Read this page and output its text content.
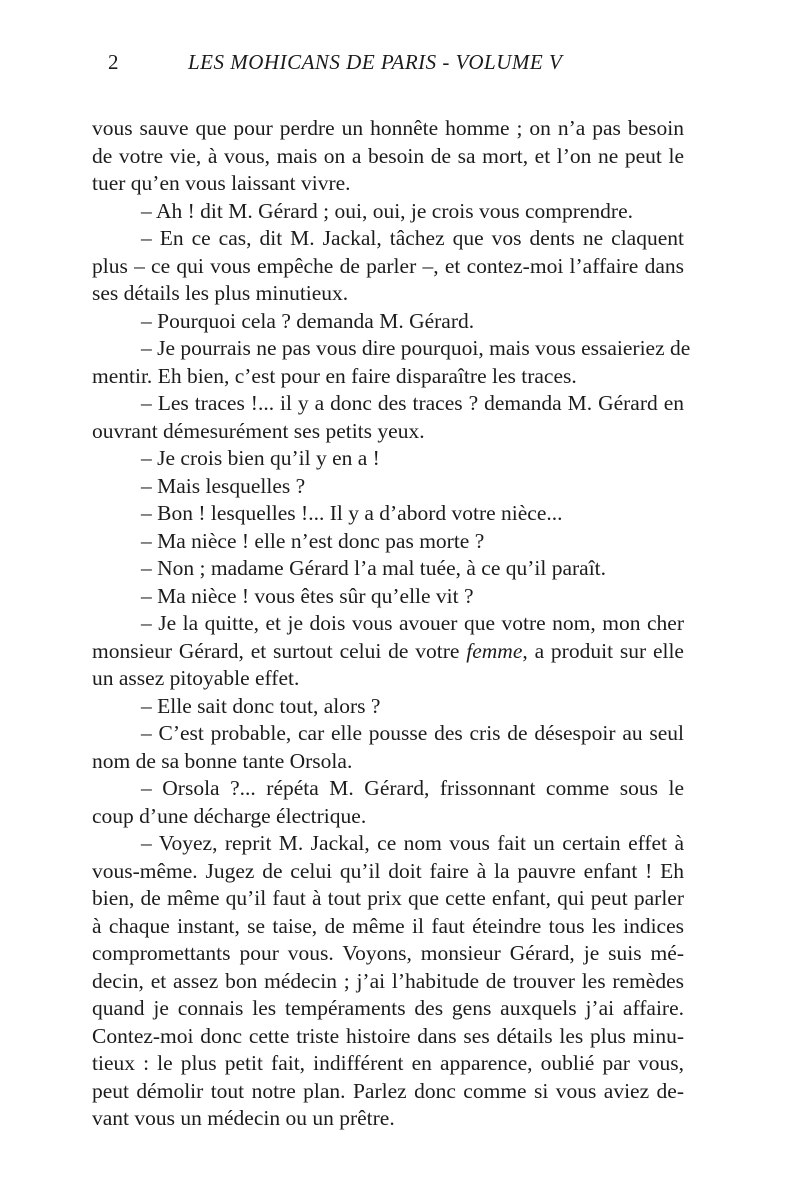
2	LES MOHICANS DE PARIS - VOLUME V
vous sauve que pour perdre un honnête homme ; on n’a pas besoin
de votre vie, à vous, mais on a besoin de sa mort, et l’on ne peut le
tuer qu’en vous laissant vivre.
– Ah ! dit M. Gérard ; oui, oui, je crois vous comprendre.
– En ce cas, dit M. Jackal, tâchez que vos dents ne claquent
plus – ce qui vous empêche de parler –, et contez-moi l’affaire dans
ses détails les plus minutieux.
– Pourquoi cela ? demanda M. Gérard.
– Je pourrais ne pas vous dire pourquoi, mais vous essaieriez de
mentir. Eh bien, c’est pour en faire disparaître les traces.
– Les traces !... il y a donc des traces ? demanda M. Gérard en
ouvrant démesurément ses petits yeux.
– Je crois bien qu’il y en a !
– Mais lesquelles ?
– Bon ! lesquelles !... Il y a d’abord votre nièce...
– Ma nièce ! elle n’est donc pas morte ?
– Non ; madame Gérard l’a mal tuée, à ce qu’il paraît.
– Ma nièce ! vous êtes sûr qu’elle vit ?
– Je la quitte, et je dois vous avouer que votre nom, mon cher
monsieur Gérard, et surtout celui de votre femme, a produit sur elle
un assez pitoyable effet.
– Elle sait donc tout, alors ?
– C’est probable, car elle pousse des cris de désespoir au seul
nom de sa bonne tante Orsola.
– Orsola ?... répéta M. Gérard, frissonnant comme sous le
coup d’une décharge électrique.
– Voyez, reprit M. Jackal, ce nom vous fait un certain effet à
vous-même. Jugez de celui qu’il doit faire à la pauvre enfant ! Eh
bien, de même qu’il faut à tout prix que cette enfant, qui peut parler
à chaque instant, se taise, de même il faut éteindre tous les indices
compromettants pour vous. Voyons, monsieur Gérard, je suis mé-
decin, et assez bon médecin ; j’ai l’habitude de trouver les remèdes
quand je connais les tempéraments des gens auxquels j’ai affaire.
Contez-moi donc cette triste histoire dans ses détails les plus minu-
tieux : le plus petit fait, indifférent en apparence, oublié par vous,
peut démolir tout notre plan. Parlez donc comme si vous aviez de-
vant vous un médecin ou un prêtre.
